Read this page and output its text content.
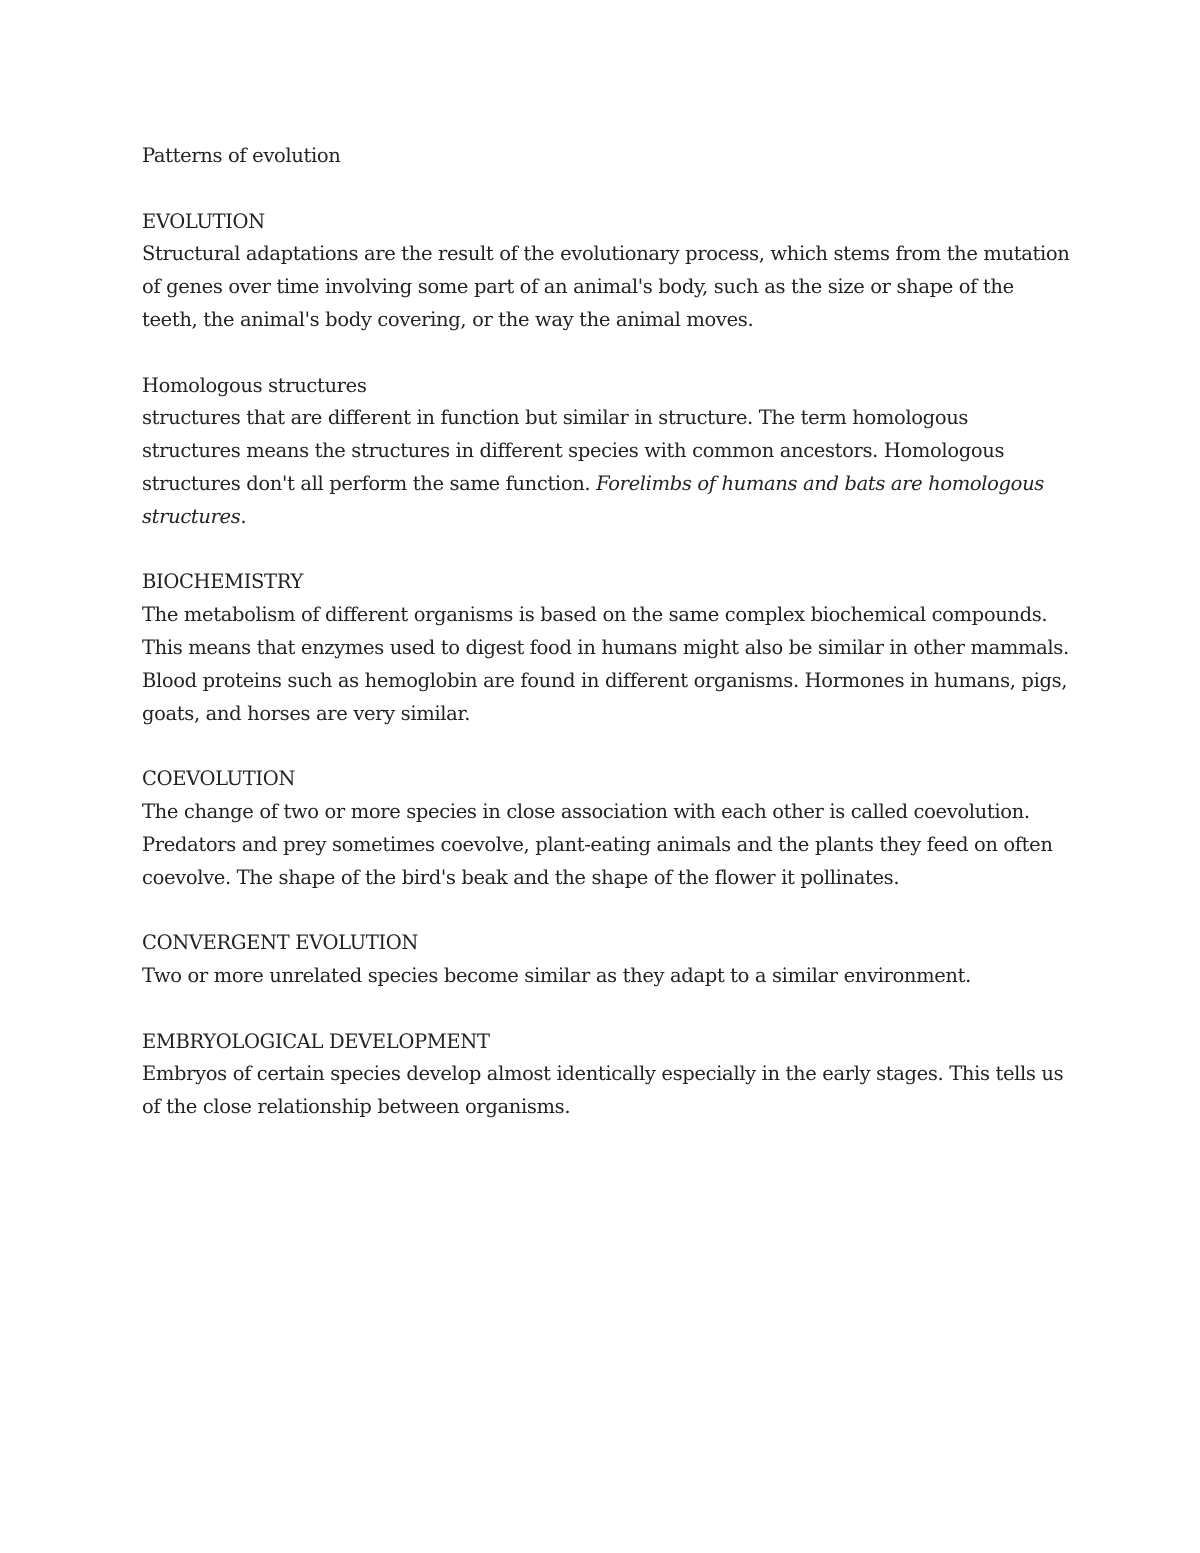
Patterns of evolution
EVOLUTION

Structural adaptations are the result of the evolutionary process, which stems from the mutation of genes over time involving some part of an animal's body, such as the size or shape of the teeth, the animal's body covering, or the way the animal moves.

Homologous structures

structures that are different in function but similar in structure. The term homologous structures means the structures in different species with common ancestors. Homologous structures don't all perform the same function. Forelimbs of humans and bats are homologous structures.

BIOCHEMISTRY

The metabolism of different organisms is based on the same complex biochemical compounds. This means that enzymes used to digest food in humans might also be similar in other mammals. Blood proteins such as hemoglobin are found in different organisms. Hormones in humans, pigs, goats, and horses are very similar.

COEVOLUTION

The change of two or more species in close association with each other is called coevolution. Predators and prey sometimes coevolve, plant-eating animals and the plants they feed on often coevolve. The shape of the bird's beak and the shape of the flower it pollinates.

CONVERGENT EVOLUTION

Two or more unrelated species become similar as they adapt to a similar environment.

EMBRYOLOGICAL DEVELOPMENT

Embryos of certain species develop almost identically especially in the early stages. This tells us of the close relationship between organisms.
